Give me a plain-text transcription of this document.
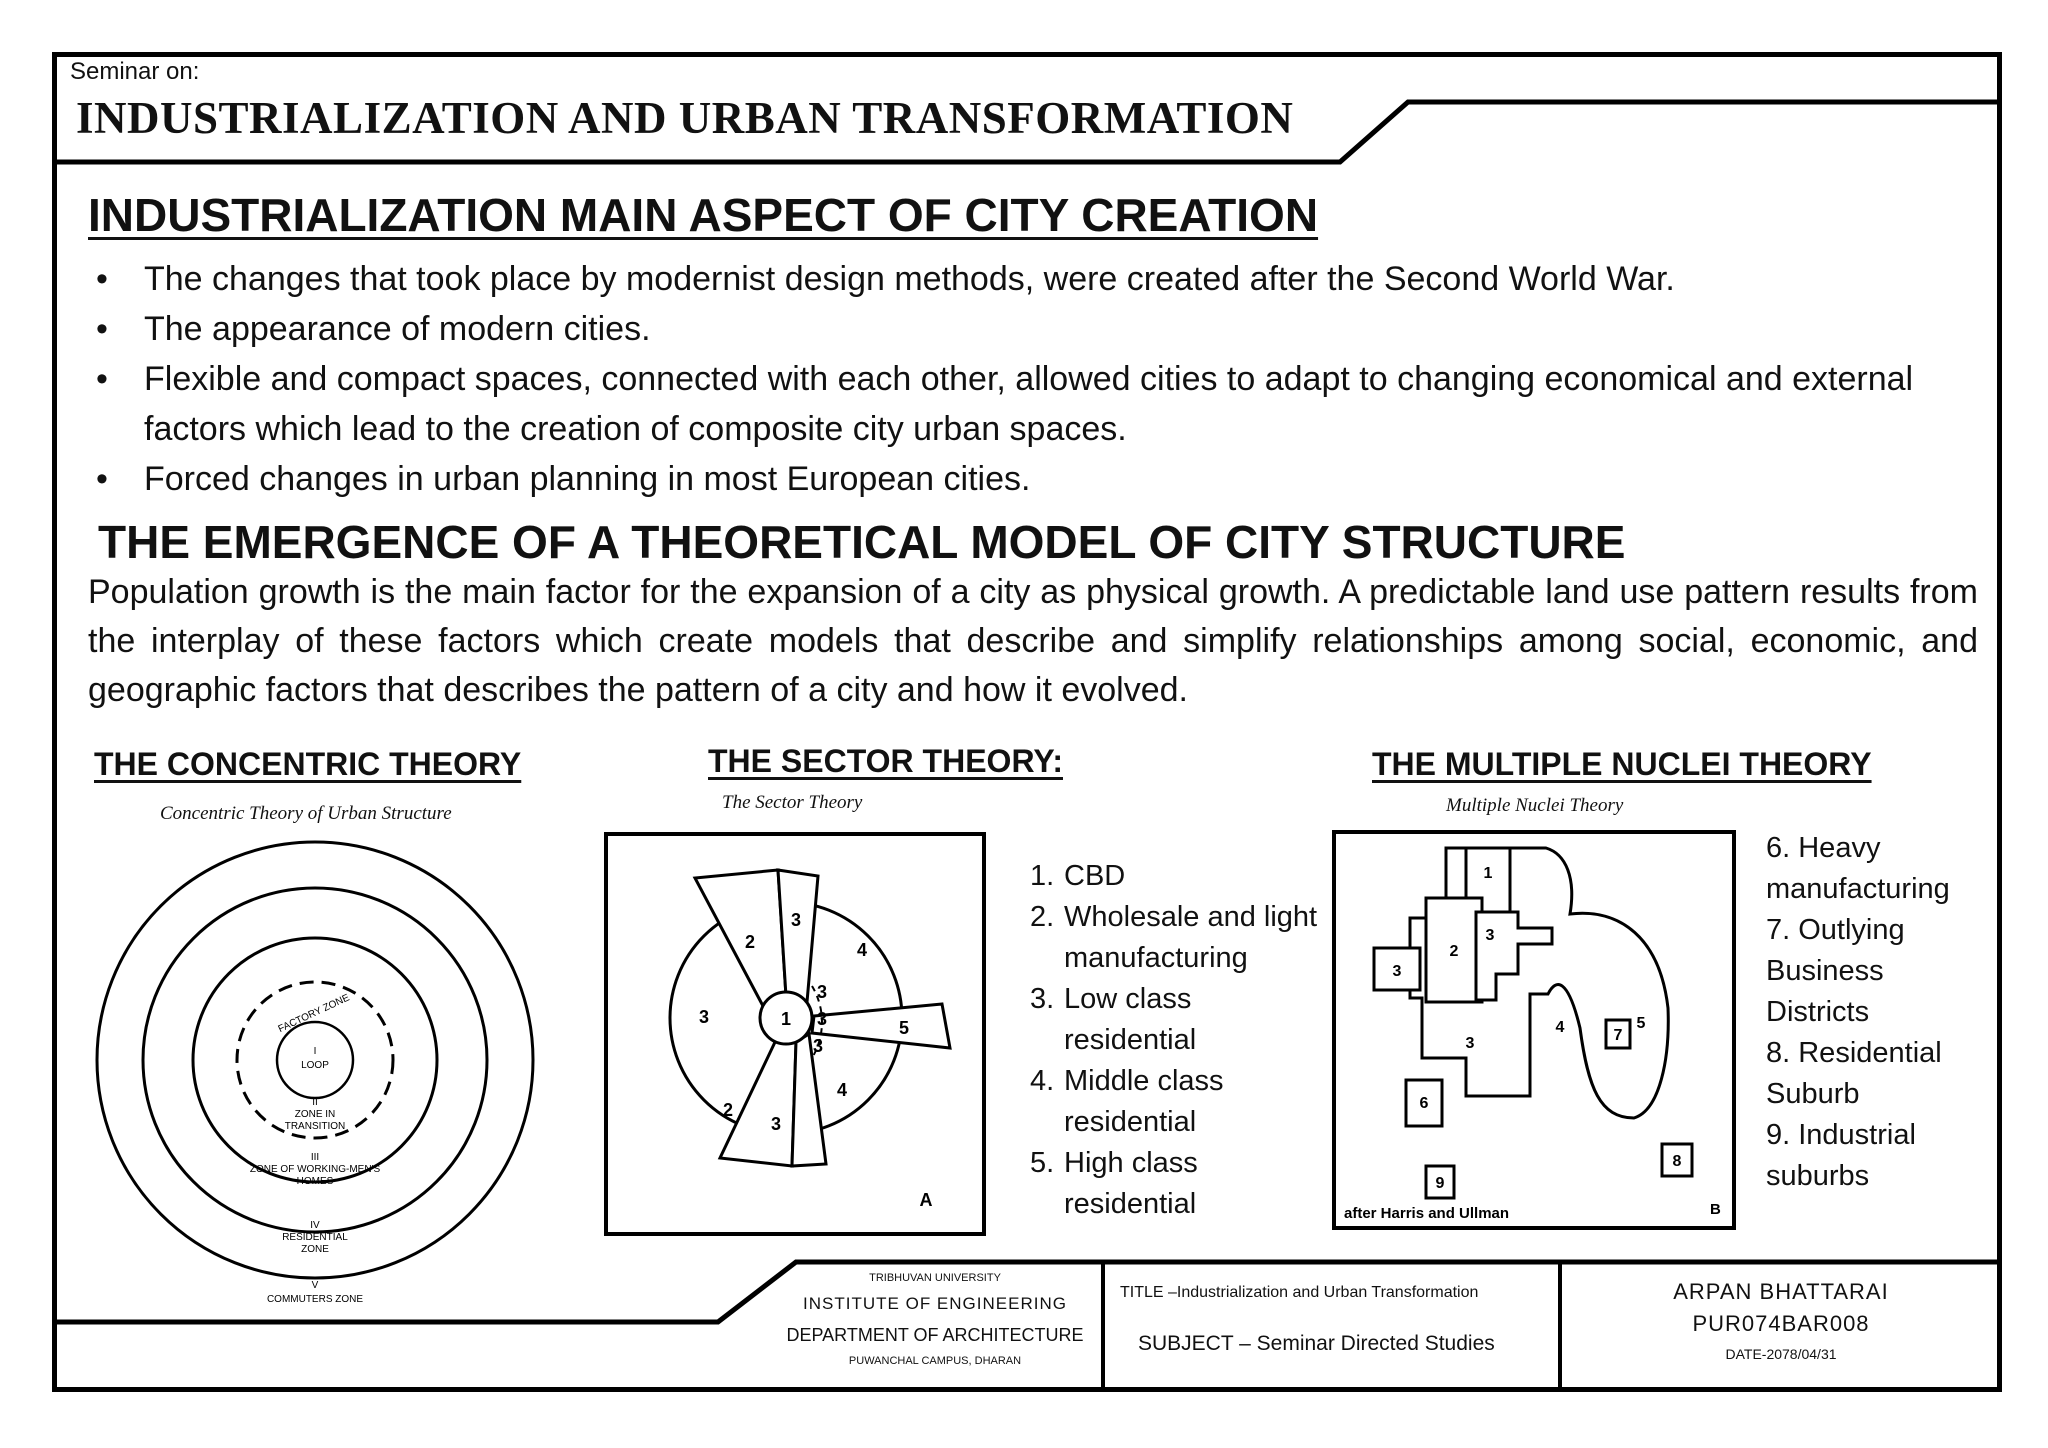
Seminar on:
INDUSTRIALIZATION AND URBAN TRANSFORMATION
INDUSTRIALIZATION MAIN ASPECT OF CITY CREATION
• The changes that took place by modernist design methods, were created after the Second World War.
• The appearance of modern cities.
• Flexible and compact spaces, connected with each other, allowed cities to adapt to changing economical and external factors which lead to the creation of composite city urban spaces.
• Forced changes in urban planning in most European cities.
THE EMERGENCE OF A THEORETICAL MODEL OF CITY STRUCTURE
Population growth is the main factor for the expansion of a city as physical growth. A predictable land use pattern results from the interplay of these factors which create models that describe and simplify relationships among social, economic, and geographic factors that describes the pattern of a city and how it evolved.
THE CONCENTRIC THEORY
Concentric Theory of Urban Structure
I
LOOP
FACTORY ZONE
II
ZONE IN
TRANSITION
III
ZONE OF WORKING-MEN'S
HOMES
IV
RESIDENTIAL
ZONE
V
COMMUTERS ZONE
THE SECTOR THEORY:
The Sector Theory
1
2
3
3
2
3
3
3
3
4
4
5
A
1. CBD
2. Wholesale and light
manufacturing
3. Low class
residential
4. Middle class
residential
5. High class
residential
THE MULTIPLE NUCLEI THEORY
Multiple Nuclei Theory
1
2
3
3
3
4	5
6
7
8
9
after Harris and Ullman	B
6. Heavy
manufacturing
7. Outlying
Business
Districts
8. Residential
Suburb
9. Industrial
suburbs
TRIBHUVAN UNIVERSITY
INSTITUTE OF ENGINEERING
DEPARTMENT OF ARCHITECTURE
PUWANCHAL CAMPUS, DHARAN
TITLE –Industrialization and Urban Transformation
SUBJECT – Seminar Directed Studies
ARPAN BHATTARAI
PUR074BAR008
DATE-2078/04/31
